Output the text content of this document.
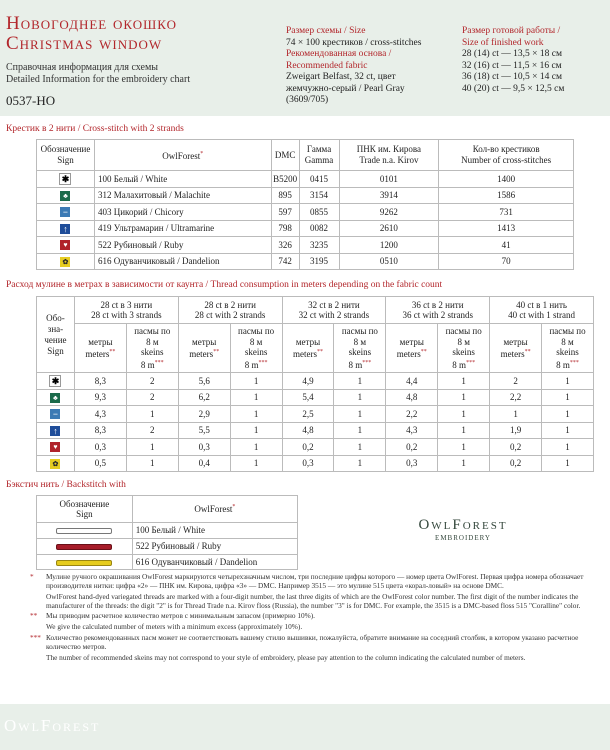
Новогоднее окошко
Christmas window
Справочная информация для схемы
Detailed Information for the embroidery chart
0537-НО
Размер схемы / Size
74 × 100 крестиков / cross-stitches
Рекомендованная основа /
Recommended fabric
Zweigart Belfast, 32 ct, цвет
жемчужно-серый / Pearl Gray
(3609/705)
Размер готовой работы /
Size of finished work
28 (14) ct — 13,5 × 18 см
32 (16) ct — 11,5 × 16 см
36 (18) ct — 10,5 × 14 см
40 (20) ct — 9,5 × 12,5 см
Крестик в 2 нити / Cross-stitch with 2 strands
Обозначение
Sign	OwlForest*	DMC	Гамма
Gamma	ПНК им. Кирова
Trade n.a. Kirov	Кол-во крестиков
Number of cross-stitches
✱	100 Белый / White	B5200	0415	0101	1400
♣	312 Малахитовый / Malachite	895	3154	3914	1586
−	403 Цикорий / Chicory	597	0855	9262	731
↑	419 Ультрамарин / Ultramarine	798	0082	2610	1413
♥	522 Рубиновый / Ruby	326	3235	1200	41
✿	616 Одуванчиковый / Dandelion	742	3195	0510	70
Расход мулине в метрах в зависимости от каунта / Thread consumption in meters depending on the fabric count
Обо-
зна-
чение
Sign	28 ct в 3 нити
28 ct with 3 strands		28 ct в 2 нити
28 ct with 2 strands		32 ct в 2 нити
32 ct with 2 strands		36 ct в 2 нити
36 ct with 2 strands		40 ct в 1 нить
40 ct with 1 strand	
	метры
meters**	пасмы по
8 м
skeins
8 m***	метры
meters**	пасмы по
8 м
skeins
8 m***	метры
meters**	пасмы по
8 м
skeins
8 m***	метры
meters**	пасмы по
8 м
skeins
8 m***	метры
meters**	пасмы по
8 м
skeins
8 m***
✱	8,3	2	5,6	1	4,9	1	4,4	1	2	1
♣	9,3	2	6,2	1	5,4	1	4,8	1	2,2	1
−	4,3	1	2,9	1	2,5	1	2,2	1	1	1
↑	8,3	2	5,5	1	4,8	1	4,3	1	1,9	1
♥	0,3	1	0,3	1	0,2	1	0,2	1	0,2	1
✿	0,5	1	0,4	1	0,3	1	0,3	1	0,2	1
Бэкстич нить / Backstitch with
Обозначение
Sign	OwlForest*
	100 Белый / White
	522 Рубиновый / Ruby
	616 Одуванчиковый / Dandelion
OwlForest
EMBROIDERY
* Мулине ручного окрашивания OwlForest маркируются четырехзначным числом, три последние цифры которого — номер цвета OwlForest. Первая цифра номера обозначает производителя нитки: цифра «2» — ПНК им. Кирова, цифра «3» — DMC. Например 3515 — это мулине 515 цвета «корал-ловый» на основе DMC.
OwlForest hand-dyed variegated threads are marked with a four-digit number, the last three digits of which are the OwlForest color number. The first digit of the number indicates the manufacturer of the threads: the digit "2" is for Thread Trade n.a. Kirov floss (Russia), the number "3" is for DMC. For example, the 3515 is a DMC-based floss 515 "Coralline" color.
** Мы приводим расчетное количество метров с минимальным запасом (примерно 10%).
We give the calculated number of meters with a minimum excess (approximately 10%).
*** Количество рекомендованных пасм может не соответствовать вашему стилю вышивки, пожалуйста, обратите внимание на соседний столбик, в котором указано расчетное количество метров.
The number of recommended skeins may not correspond to your style of embroidery, please pay attention to the column indicating the calculated number of meters.
OwlForest
